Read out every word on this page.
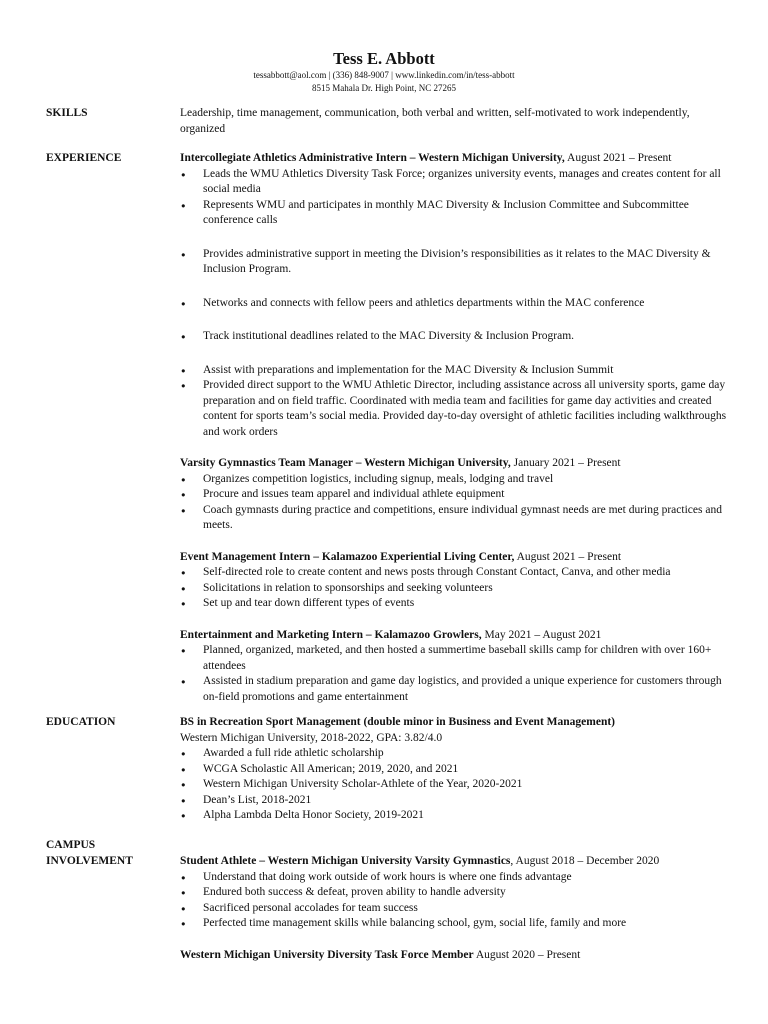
Tess E. Abbott
tessabbott@aol.com | (336) 848-9007 | www.linkedin.com/in/tess-abbott
8515 Mahala Dr. High Point, NC 27265
SKILLS	Leadership, time management, communication, both verbal and written, self-motivated to work independently, organized
EXPERIENCE	Intercollegiate Athletics Administrative Intern – Western Michigan University, August 2021 – Present
● Leads the WMU Athletics Diversity Task Force; organizes university events, manages and creates content for all social media
● Represents WMU and participates in monthly MAC Diversity & Inclusion Committee and Subcommittee conference calls
● Provides administrative support in meeting the Division’s responsibilities as it relates to the MAC Diversity & Inclusion Program.
● Networks and connects with fellow peers and athletics departments within the MAC conference
● Track institutional deadlines related to the MAC Diversity & Inclusion Program.
● Assist with preparations and implementation for the MAC Diversity & Inclusion Summit
● Provided direct support to the WMU Athletic Director, including assistance across all university sports, game day preparation and on field traffic. Coordinated with media team and facilities for game day activities and created content for sports team’s social media. Provided day-to-day oversight of athletic facilities including walkthroughs and work orders
Varsity Gymnastics Team Manager – Western Michigan University, January 2021 – Present
● Organizes competition logistics, including signup, meals, lodging and travel
● Procure and issues team apparel and individual athlete equipment
● Coach gymnasts during practice and competitions, ensure individual gymnast needs are met during practices and meets.
Event Management Intern – Kalamazoo Experiential Living Center, August 2021 – Present
● Self-directed role to create content and news posts through Constant Contact, Canva, and other media
● Solicitations in relation to sponsorships and seeking volunteers
● Set up and tear down different types of events
Entertainment and Marketing Intern – Kalamazoo Growlers, May 2021 – August 2021
● Planned, organized, marketed, and then hosted a summertime baseball skills camp for children with over 160+ attendees
● Assisted in stadium preparation and game day logistics, and provided a unique experience for customers through on-field promotions and game entertainment
EDUCATION	BS in Recreation Sport Management (double minor in Business and Event Management)
Western Michigan University, 2018-2022, GPA: 3.82/4.0
● Awarded a full ride athletic scholarship
● WCGA Scholastic All American; 2019, 2020, and 2021
● Western Michigan University Scholar-Athlete of the Year, 2020-2021
● Dean’s List, 2018-2021
● Alpha Lambda Delta Honor Society, 2019-2021
CAMPUS
INVOLVEMENT	Student Athlete – Western Michigan University Varsity Gymnastics, August 2018 – December 2020
● Understand that doing work outside of work hours is where one finds advantage
● Endured both success & defeat, proven ability to handle adversity
● Sacrificed personal accolades for team success
● Perfected time management skills while balancing school, gym, social life, family and more
Western Michigan University Diversity Task Force Member August 2020 – Present
